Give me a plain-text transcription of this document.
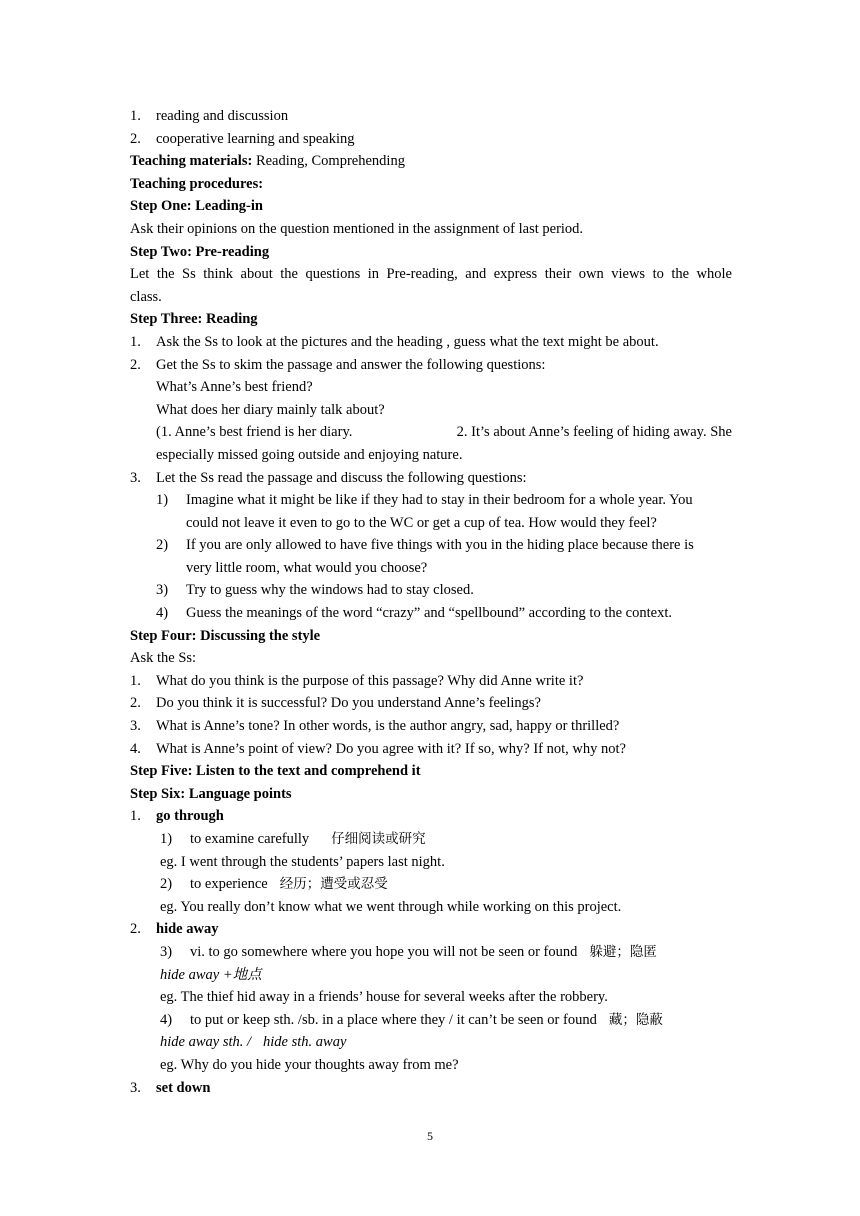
1. reading and discussion
2. cooperative learning and speaking
Teaching materials: Reading, Comprehending
Teaching procedures:
Step One: Leading-in
Ask their opinions on the question mentioned in the assignment of last period.
Step Two: Pre-reading
Let the Ss think about the questions in Pre-reading, and express their own views to the whole
class.
Step Three: Reading
1. Ask the Ss to look at the pictures and the heading , guess what the text might be about.
2. Get the Ss to skim the passage and answer the following questions:
What’s Anne’s best friend?
What does her diary mainly talk about?
(1. Anne’s best friend is her diary.	2. It’s about Anne’s feeling of hiding away. She
especially missed going outside and enjoying nature.
3. Let the Ss read the passage and discuss the following questions:
1) Imagine what it might be like if they had to stay in their bedroom for a whole year. You
could not leave it even to go to the WC or get a cup of tea. How would they feel?
2) If you are only allowed to have five things with you in the hiding place because there is
very little room, what would you choose?
3) Try to guess why the windows had to stay closed.
4) Guess the meanings of the word “crazy” and “spellbound” according to the context.
Step Four: Discussing the style
Ask the Ss:
1. What do you think is the purpose of this passage? Why did Anne write it?
2. Do you think it is successful? Do you understand Anne’s feelings?
3. What is Anne’s tone? In other words, is the author angry, sad, happy or thrilled?
4. What is Anne’s point of view? Do you agree with it? If so, why? If not, why not?
Step Five: Listen to the text and comprehend it
Step Six: Language points
1. go through
1) to examine carefully 仔细阅读或研究
eg. I went through the students’ papers last night.
2) to experience 经历；遭受或忍受
eg. You really don’t know what we went through while working on this project.
2. hide away
3) vi. to go somewhere where you hope you will not be seen or found 躲避；隐匿
hide away +地点
eg. The thief hid away in a friends’ house for several weeks after the robbery.
4) to put or keep sth. /sb. in a place where they / it can’t be seen or found 藏；隐蔽
hide away sth. / hide sth. away
eg. Why do you hide your thoughts away from me?
3. set down
5
